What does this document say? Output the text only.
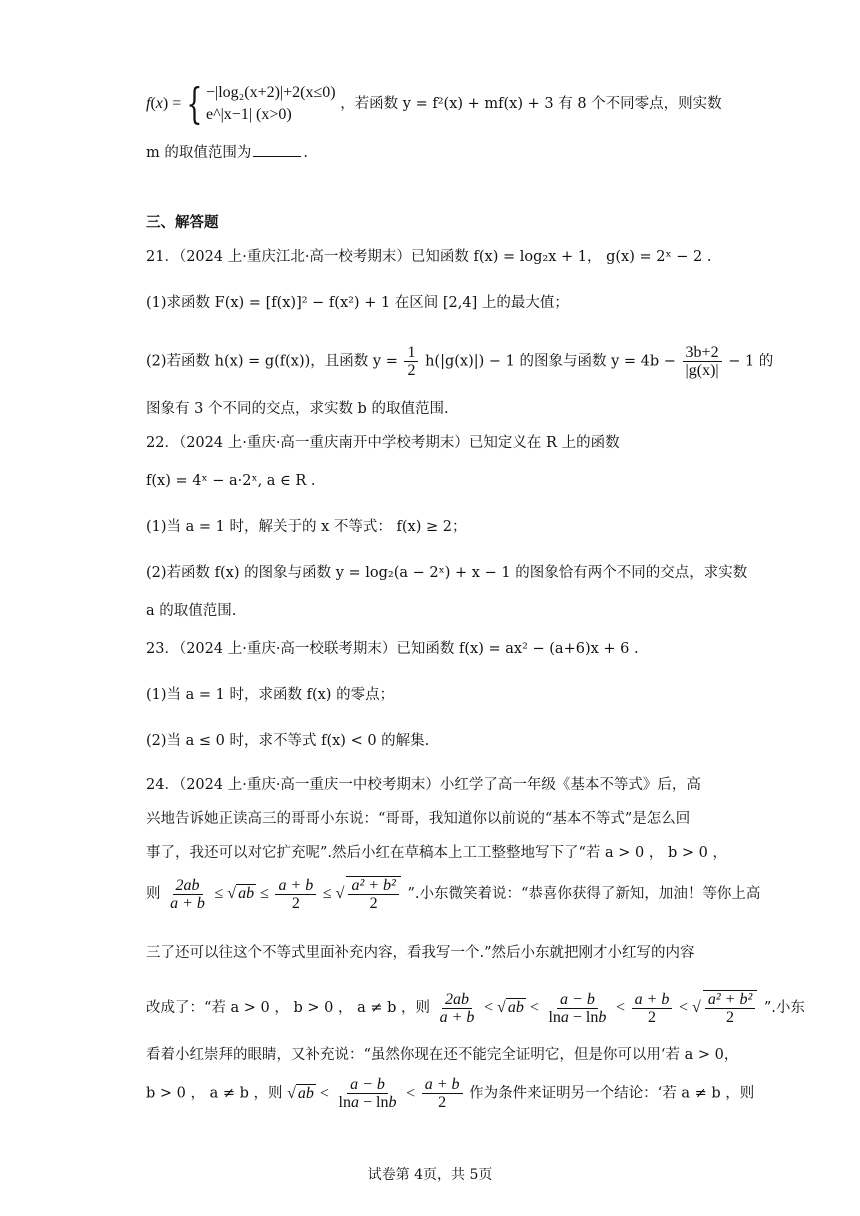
f ( x ) = { −|log₂(x+2)|+2(x≤0)
e^|x−1| (x>0)
，若函数 y = f²(x) + mf(x) + 3 有 8 个不同零点，则实数
m 的取值范围为	.
三、解答题
21．（2024 上·重庆江北·高一校考期末）已知函数 f(x) = log₂x + 1， g(x) = 2ˣ − 2 .
(1)求函数 F(x) = [f(x)]² − f(x²) + 1 在区间 [2,4] 上的最大值；
(2)若函数 h(x) = g(f(x))，且函数 $y = \frac{1}{2} h(|g(x)|) - 1$ 的图象与函数 $y = 4b - \frac{3b+2}{|g(x)|} - 1$ 的
图象有 3 个不同的交点，求实数 b 的取值范围.
22．（2024 上·重庆·高一重庆南开中学校考期末）已知定义在 R 上的函数
f(x) = 4ˣ − a·2ˣ, a ∈ R .
(1)当 a = 1 时，解关于的 x 不等式： f(x) ≥ 2；
(2)若函数 f(x) 的图象与函数 y = log₂(a − 2ˣ) + x − 1 的图象恰有两个不同的交点，求实数
a 的取值范围.
23．（2024 上·重庆·高一校联考期末）已知函数 f(x) = ax² − (a+6)x + 6 .
(1)当 a = 1 时，求函数 f(x) 的零点；
(2)当 a ≤ 0 时，求不等式 f(x) < 0 的解集.
24．（2024 上·重庆·高一重庆一中校考期末）小红学了高一年级《基本不等式》后，高
兴地告诉她正读高三的哥哥小东说：“哥哥，我知道你以前说的“基本不等式”是怎么回
事了，我还可以对它扩充呢”.然后小红在草稿本上工工整整地写下了“若 a > 0 ， b > 0 ，
则 $\frac{2ab}{a + b}$ ≤ √ ab ≤ $\frac{a + b}{2}$ ≤ √ $\frac{\text{a² + b²}}{2}$ ”.小东微笑着说：“恭喜你获得了新知，加油！等你上高
三了还可以往这个不等式里面补充内容，看我写一个.”然后小东就把刚才小红写的内容
改成了：“若 a > 0 ， b > 0 ， a ≠ b ，则 $\frac{2ab}{a + b}$ < √ ab < $\frac{a - b}{\ln a - \ln b} < \frac{a + b}{2}$ < √ $\frac{\text{a² + b²}}{2}$ ”.小东
看着小红崇拜的眼睛，又补充说：“虽然你现在还不能完全证明它，但是你可以用‘若 a > 0，
b > 0 ， a ≠ b ，则 √ ab < $\frac{a - b}{\ln a - \ln b} < \frac{a + b}{2}$ 作为条件来证明另一个结论：‘若 a ≠ b ，则
试卷第 4页，共 5页
